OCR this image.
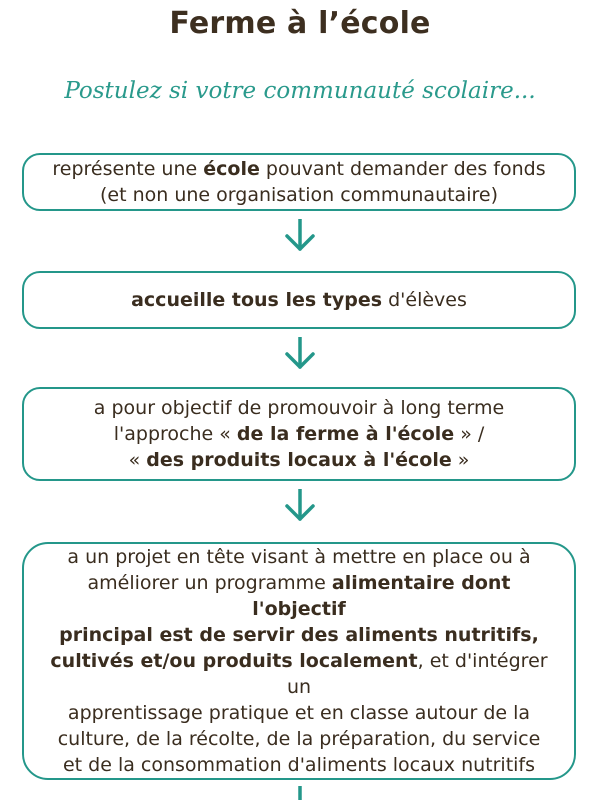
Ferme à l’école
Postulez si votre communauté scolaire...
représente une école pouvant demander des fonds
(et non une organisation communautaire)
accueille tous les types d'élèves
a pour objectif de promouvoir à long terme
l'approche « de la ferme à l'école » /
« des produits locaux à l'école »
a un projet en tête visant à mettre en place ou à
améliorer un programme alimentaire dont l'objectif
principal est de servir des aliments nutritifs,
cultivés et/ou produits localement, et d'intégrer un
apprentissage pratique et en classe autour de la
culture, de la récolte, de la préparation, du service
et de la consommation d'aliments locaux nutritifs
